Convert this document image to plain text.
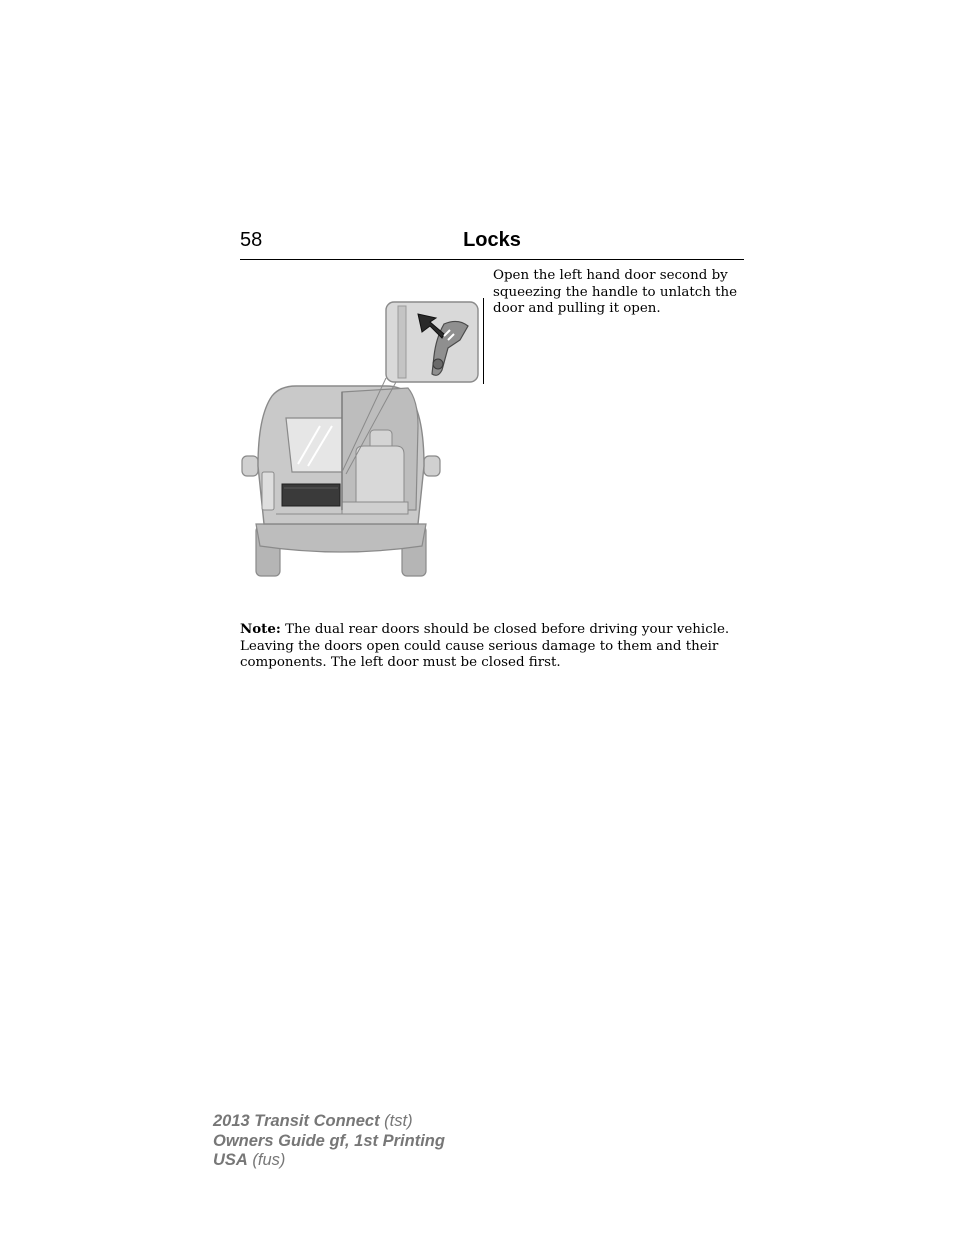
58	Locks
Open the left hand door second by squeezing the handle to unlatch the door and pulling it open.
Note: The dual rear doors should be closed before driving your vehicle. Leaving the doors open could cause serious damage to them and their components. The left door must be closed first.
2013 Transit Connect (tst)
Owners Guide gf, 1st Printing
USA (fus)
